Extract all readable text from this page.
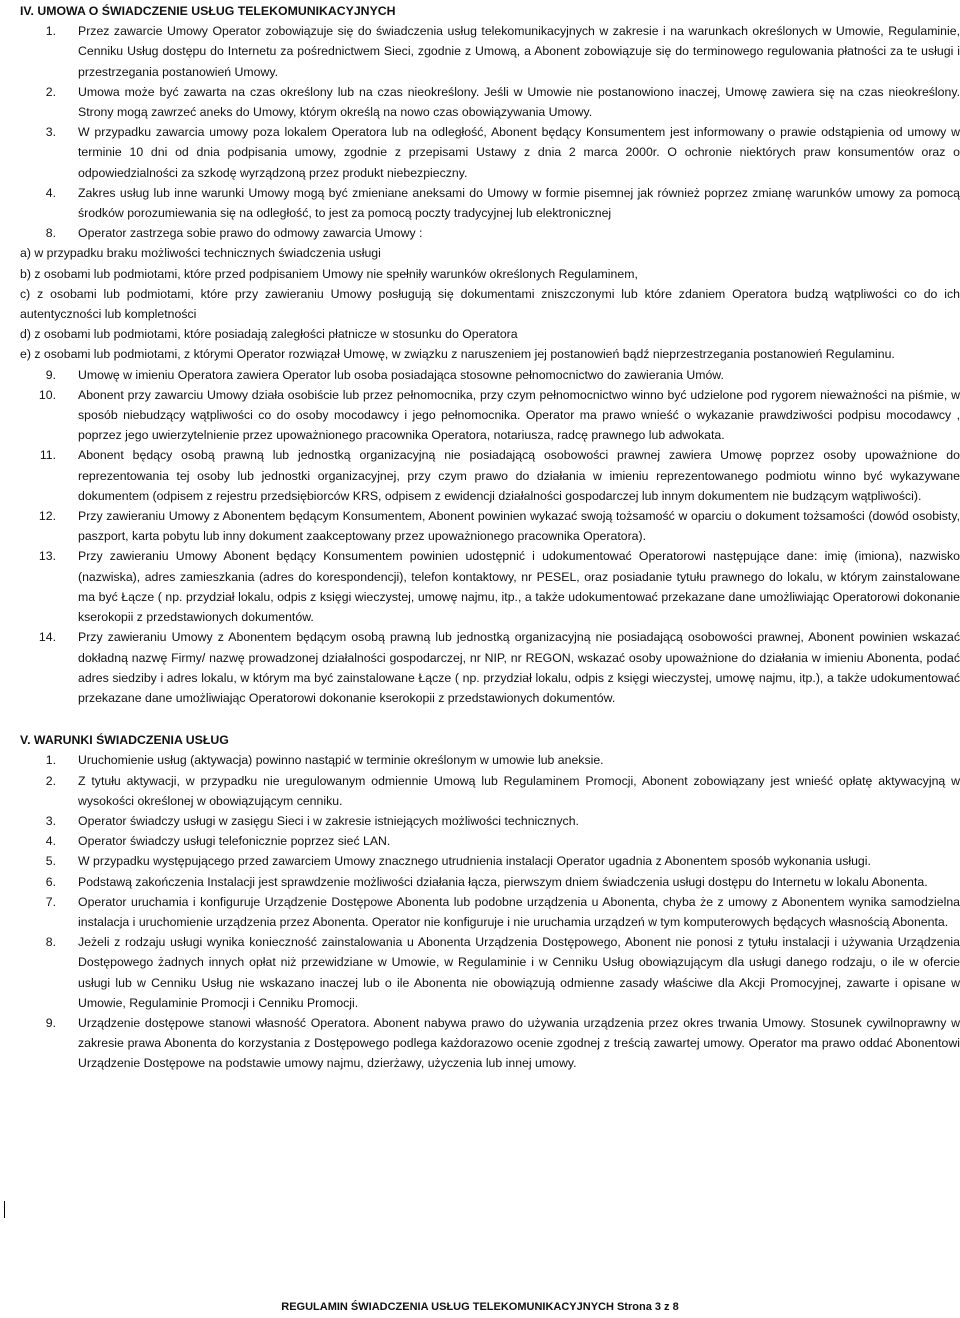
IV. UMOWA O ŚWIADCZENIE USŁUG TELEKOMUNIKACYJNYCH

1. Przez zawarcie Umowy Operator zobowiązuje się do świadczenia usług telekomunikacyjnych w zakresie i na warunkach określonych w Umowie, Regulaminie, Cenniku Usług dostępu do Internetu za pośrednictwem Sieci, zgodnie z Umową, a Abonent zobowiązuje się do terminowego regulowania płatności za te usługi i przestrzegania postanowień Umowy.

2. Umowa może być zawarta na czas określony lub na czas nieokreślony. Jeśli w Umowie nie postanowiono inaczej, Umowę zawiera się na czas nieokreślony. Strony mogą zawrzeć aneks do Umowy, którym określą na nowo czas obowiązywania Umowy.

3. W przypadku zawarcia umowy poza lokalem Operatora lub na odległość, Abonent będący Konsumentem jest informowany o prawie odstąpienia od umowy w terminie 10 dni od dnia podpisania umowy, zgodnie z przepisami Ustawy z dnia 2 marca 2000r. O ochronie niektórych praw konsumentów oraz o odpowiedzialności za szkodę wyrządzoną przez produkt niebezpieczny.

4. Zakres usług lub inne warunki Umowy mogą być zmieniane aneksami do Umowy w formie pisemnej jak również poprzez zmianę warunków umowy za pomocą środków porozumiewania się na odległość, to jest za pomocą poczty tradycyjnej lub elektronicznej

8. Operator zastrzega sobie prawo do odmowy zawarcia Umowy :

a) w przypadku braku możliwości technicznych świadczenia usługi

b) z osobami lub podmiotami, które przed podpisaniem Umowy nie spełniły warunków określonych Regulaminem,

c) z osobami lub podmiotami, które przy zawieraniu Umowy posługują się dokumentami zniszczonymi lub które zdaniem Operatora budzą wątpliwości co do ich autentyczności lub kompletności

d) z osobami lub podmiotami, które posiadają zaległości płatnicze w stosunku do Operatora

e) z osobami lub podmiotami, z którymi Operator rozwiązał Umowę, w związku z naruszeniem jej postanowień bądź nieprzestrzegania postanowień Regulaminu.

9. Umowę w imieniu Operatora zawiera Operator lub osoba posiadająca stosowne pełnomocnictwo do zawierania Umów.

10. Abonent przy zawarciu Umowy działa osobiście lub przez pełnomocnika, przy czym pełnomocnictwo winno być udzielone pod rygorem nieważności na piśmie, w sposób niebudzący wątpliwości co do osoby mocodawcy i jego pełnomocnika. Operator ma prawo wnieść o wykazanie prawdziwości podpisu mocodawcy , poprzez jego uwierzytelnienie przez upoważnionego pracownika Operatora, notariusza, radcę prawnego lub adwokata.

11. Abonent będący osobą prawną lub jednostką organizacyjną nie posiadającą osobowości prawnej zawiera Umowę poprzez osoby upoważnione do reprezentowania tej osoby lub jednostki organizacyjnej, przy czym prawo do działania w imieniu reprezentowanego podmiotu winno być wykazywane dokumentem (odpisem z rejestru przedsiębiorców KRS, odpisem z ewidencji działalności gospodarczej lub innym dokumentem nie budzącym wątpliwości).

12. Przy zawieraniu Umowy z Abonentem będącym Konsumentem, Abonent powinien wykazać swoją tożsamość w oparciu o dokument tożsamości (dowód osobisty, paszport, karta pobytu lub inny dokument zaakceptowany przez upoważnionego pracownika Operatora).

13. Przy zawieraniu Umowy Abonent będący Konsumentem powinien udostępnić i udokumentować Operatorowi następujące dane: imię (imiona), nazwisko (nazwiska), adres zamieszkania (adres do korespondencji), telefon kontaktowy, nr PESEL, oraz posiadanie tytułu prawnego do lokalu, w którym zainstalowane ma być Łącze ( np. przydział lokalu, odpis z księgi wieczystej, umowę najmu, itp., a także udokumentować przekazane dane umożliwiając Operatorowi dokonanie kserokopii z przedstawionych dokumentów.

14. Przy zawieraniu Umowy z Abonentem będącym osobą prawną lub jednostką organizacyjną nie posiadającą osobowości prawnej, Abonent powinien wskazać dokładną nazwę Firmy/ nazwę prowadzonej działalności gospodarczej, nr NIP, nr REGON, wskazać osoby upoważnione do działania w imieniu Abonenta, podać adres siedziby i adres lokalu, w którym ma być zainstalowane Łącze ( np. przydział lokalu, odpis z księgi wieczystej, umowę najmu, itp.), a także udokumentować przekazane dane umożliwiając Operatorowi dokonanie kserokopii z przedstawionych dokumentów.

V. WARUNKI ŚWIADCZENIA USŁUG

1. Uruchomienie usług (aktywacja) powinno nastąpić w terminie określonym w umowie lub aneksie.

2. Z tytułu aktywacji, w przypadku nie uregulowanym odmiennie Umową lub Regulaminem Promocji, Abonent zobowiązany jest wnieść opłatę aktywacyjną w wysokości określonej w obowiązującym cenniku.

3. Operator świadczy usługi w zasięgu Sieci i w zakresie istniejących możliwości technicznych.

4. Operator świadczy usługi telefonicznie poprzez sieć LAN.

5. W przypadku występującego przed zawarciem Umowy znacznego utrudnienia instalacji Operator ugadnia z Abonentem sposób wykonania usługi.

6. Podstawą zakończenia Instalacji jest sprawdzenie możliwości działania łącza, pierwszym dniem świadczenia usługi dostępu do Internetu w lokalu Abonenta.

7. Operator uruchamia i konfiguruje Urządzenie Dostępowe Abonenta lub podobne urządzenia u Abonenta, chyba że z umowy z Abonentem wynika samodzielna instalacja i uruchomienie urządzenia przez Abonenta. Operator nie konfiguruje i nie uruchamia urządzeń w tym komputerowych będących własnością Abonenta.

8. Jeżeli z rodzaju usługi wynika konieczność zainstalowania u Abonenta Urządzenia Dostępowego, Abonent nie ponosi z tytułu instalacji i używania Urządzenia Dostępowego żadnych innych opłat niż przewidziane w Umowie, w Regulaminie i w Cenniku Usług obowiązującym dla usługi danego rodzaju, o ile w ofercie usługi lub w Cenniku Usług nie wskazano inaczej lub o ile Abonenta nie obowiązują odmienne zasady właściwe dla Akcji Promocyjnej, zawarte i opisane w Umowie, Regulaminie Promocji i Cenniku Promocji.

9. Urządzenie dostępowe stanowi własność Operatora. Abonent nabywa prawo do używania urządzenia przez okres trwania Umowy. Stosunek cywilnoprawny w zakresie prawa Abonenta do korzystania z Dostępowego podlega każdorazowo ocenie zgodnej z treścią zawartej umowy. Operator ma prawo oddać Abonentowi Urządzenie Dostępowe na podstawie umowy najmu, dzierżawy, użyczenia lub innej umowy.

REGULAMIN ŚWIADCZENIA USŁUG TELEKOMUNIKACYJNYCH Strona 3 z 8
